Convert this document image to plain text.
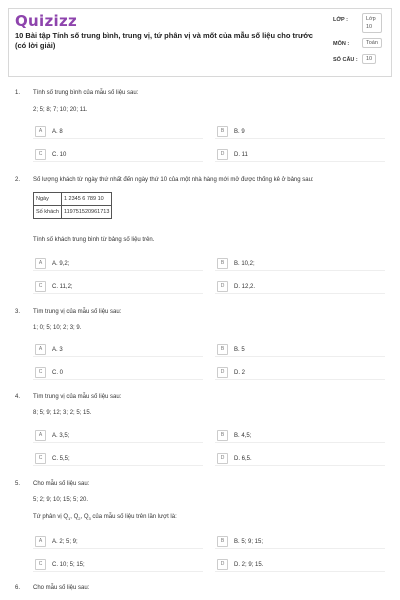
Quizizz
10 Bài tập Tính số trung bình, trung vị, tứ phân vị và mốt của mẫu số liệu cho trước (có lời giải)
LỚP :	Lớp 10
MÔN :	Toán
SỐ CÂU :	10
1. Tính số trung bình của mẫu số liệu sau:
2; 5; 8; 7; 10; 20; 11.
A	A. 8	B	B. 9
C	C. 10	D	D. 11
2. Số lượng khách từ ngày thứ nhất đến ngày thứ 10 của một nhà hàng mới mở được thống kê ở bảng sau:
Ngày	1 2345 6 789 10
Số khách	119751520961713
Tính số khách trung bình từ bảng số liệu trên.
A	A. 9,2;	B	B. 10,2;
C	C. 11,2;	D	D. 12,2.
3. Tìm trung vị của mẫu số liệu sau:
1; 0; 5; 10; 2; 3; 9.
A	A. 3	B	B. 5
C	C. 0	D	D. 2
4. Tìm trung vị của mẫu số liệu sau:
8; 5; 9; 12; 3; 2; 5; 15.
A	A. 3,5;	B	B. 4,5;
C	C. 5,5;	D	D. 6,5.
5. Cho mẫu số liệu sau:
5; 2; 9; 10; 15; 5; 20.
Tứ phân vị $Q_1$, $Q_2$, $Q_3$ của mẫu số liệu trên lần lượt là:
A	A. 2; 5; 9;	B	B. 5; 9; 15;
C	C. 10; 5; 15;	D	D. 2; 9; 15.
6. Cho mẫu số liệu sau:
